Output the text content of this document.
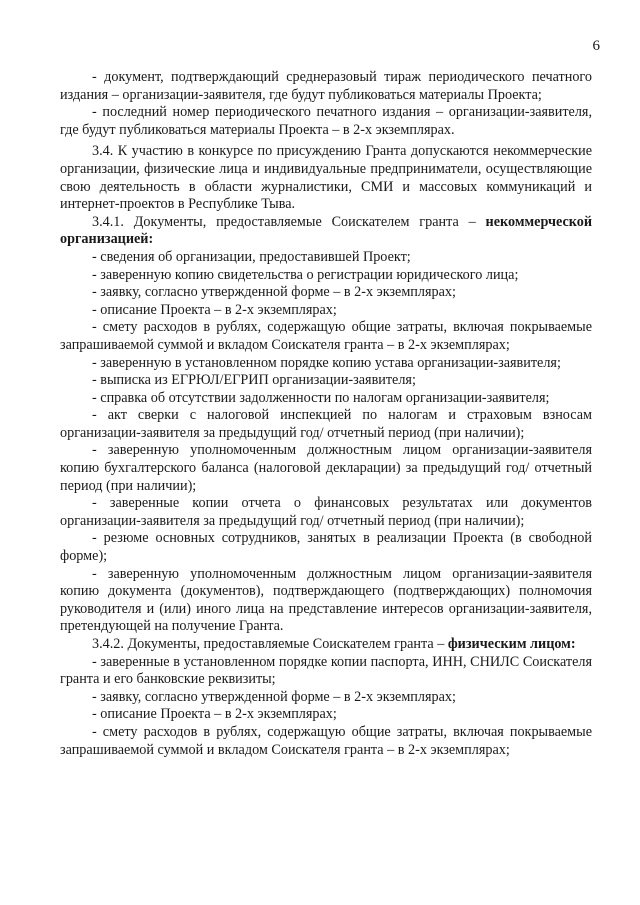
6

- документ, подтверждающий среднеразовый тираж периодического печатного издания – организации-заявителя, где будут публиковаться материалы Проекта;

- последний номер периодического печатного издания – организации-заявителя, где будут публиковаться материалы Проекта – в 2-х экземплярах.

3.4. К участию в конкурсе по присуждению Гранта допускаются некоммерческие организации, физические лица и индивидуальные предприниматели, осуществляющие свою деятельность в области журналистики, СМИ и массовых коммуникаций и интернет-проектов в Республике Тыва.

3.4.1. Документы, предоставляемые Соискателем гранта – некоммерческой организацией:

- сведения об организации, предоставившей Проект;

- заверенную копию свидетельства о регистрации юридического лица;

- заявку, согласно утвержденной форме – в 2-х экземплярах;

- описание Проекта – в 2-х экземплярах;

- смету расходов в рублях, содержащую общие затраты, включая покрываемые запрашиваемой суммой и вкладом Соискателя гранта – в 2-х экземплярах;

- заверенную в установленном порядке копию устава организации-заявителя;

- выписка из ЕГРЮЛ/ЕГРИП организации-заявителя;

- справка об отсутствии задолженности по налогам организации-заявителя;

- акт сверки с налоговой инспекцией по налогам и страховым взносам организации-заявителя за предыдущий год/ отчетный период (при наличии);

- заверенную уполномоченным должностным лицом организации-заявителя копию бухгалтерского баланса (налоговой декларации) за предыдущий год/ отчетный период (при наличии);

- заверенные копии отчета о финансовых результатах или документов организации-заявителя за предыдущий год/ отчетный период (при наличии);

- резюме основных сотрудников, занятых в реализации Проекта (в свободной форме);

- заверенную уполномоченным должностным лицом организации-заявителя копию документа (документов), подтверждающего (подтверждающих) полномочия руководителя и (или) иного лица на представление интересов организации-заявителя, претендующей на получение Гранта.

3.4.2. Документы, предоставляемые Соискателем гранта – физическим лицом:

- заверенные в установленном порядке копии паспорта, ИНН, СНИЛС Соискателя гранта и его банковские реквизиты;

- заявку, согласно утвержденной форме – в 2-х экземплярах;

- описание Проекта – в 2-х экземплярах;

- смету расходов в рублях, содержащую общие затраты, включая покрываемые запрашиваемой суммой и вкладом Соискателя гранта – в 2-х экземплярах;
